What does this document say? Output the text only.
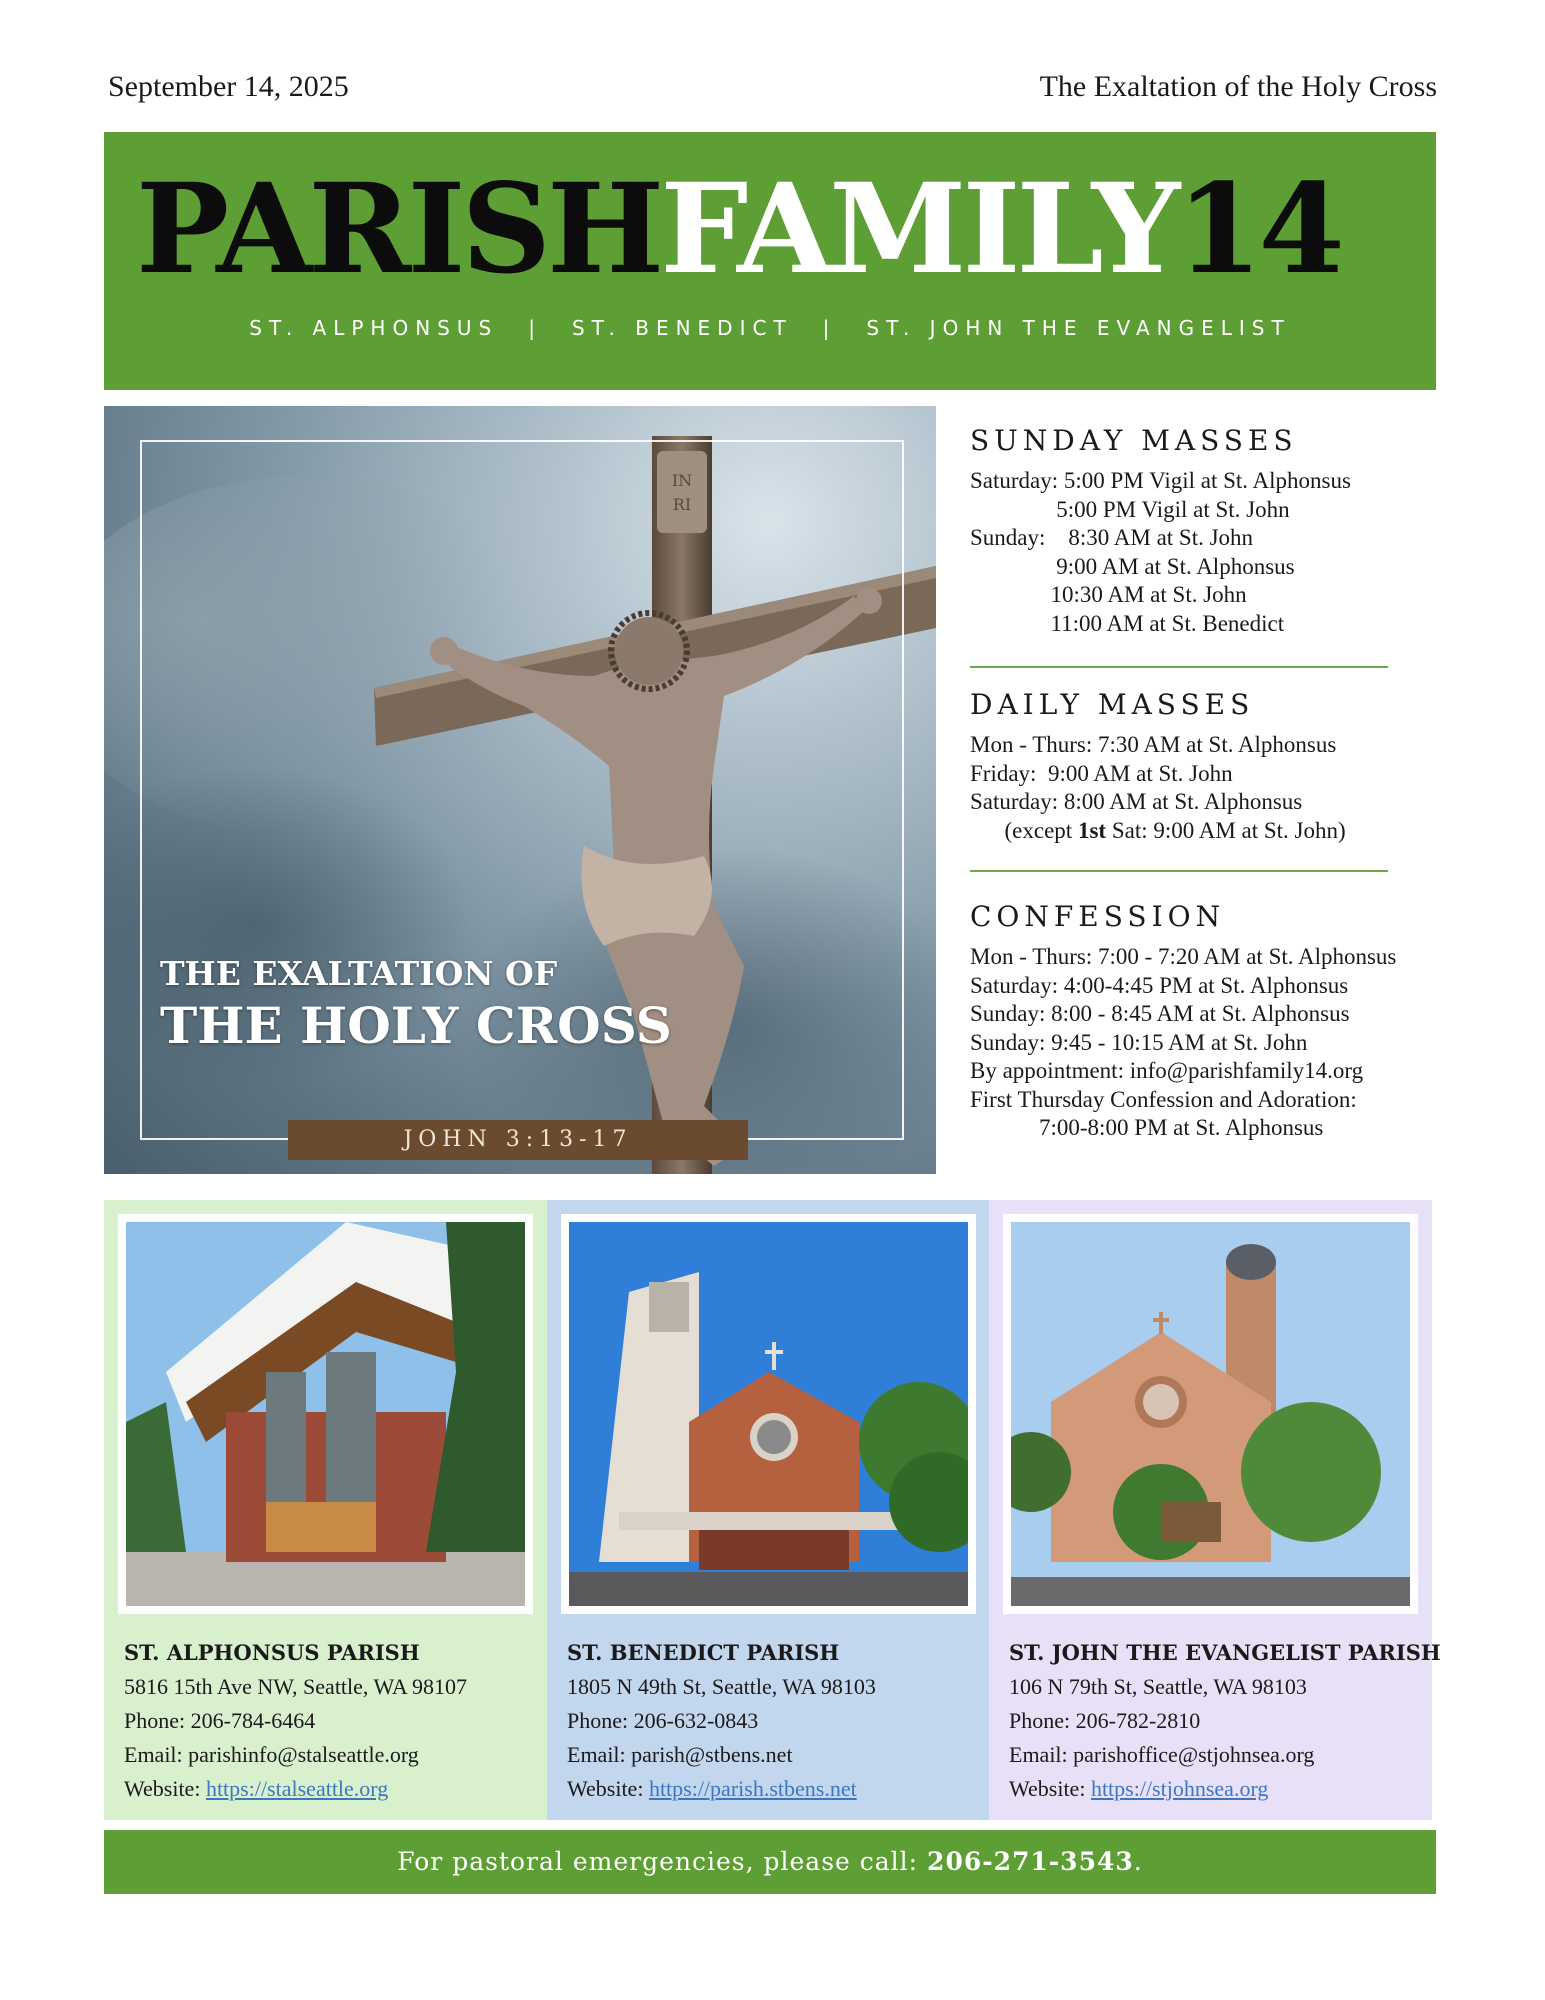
September 14, 2025	The Exaltation of the Holy Cross
PARISHFAMILY14
ST. ALPHONSUS | ST. BENEDICT | ST. JOHN THE EVANGELIST
IN
RI
THE EXALTATION OF
THE HOLY CROSS
JOHN 3:13-17
SUNDAY MASSES
Saturday: 5:00 PM Vigil at St. Alphonsus
5:00 PM Vigil at St. John
Sunday:    8:30 AM at St. John
9:00 AM at St. Alphonsus
10:30 AM at St. John
11:00 AM at St. Benedict
DAILY MASSES
Mon - Thurs: 7:30 AM at St. Alphonsus
Friday:  9:00 AM at St. John
Saturday: 8:00 AM at St. Alphonsus
(except 1st Sat: 9:00 AM at St. John)
CONFESSION
Mon - Thurs: 7:00 - 7:20 AM at St. Alphonsus
Saturday: 4:00-4:45 PM at St. Alphonsus
Sunday: 8:00 - 8:45 AM at St. Alphonsus
Sunday: 9:45 - 10:15 AM at St. John
By appointment: info@parishfamily14.org
First Thursday Confession and Adoration:
7:00-8:00 PM at St. Alphonsus
ST. ALPHONSUS PARISH
5816 15th Ave NW, Seattle, WA 98107
Phone: 206-784-6464
Email: parishinfo@stalseattle.org
Website: https://stalseattle.org
ST. BENEDICT PARISH
1805 N 49th St, Seattle, WA 98103
Phone: 206-632-0843
Email: parish@stbens.net
Website: https://parish.stbens.net
ST. JOHN THE EVANGELIST PARISH
106 N 79th St, Seattle, WA 98103
Phone: 206-782-2810
Email: parishoffice@stjohnsea.org
Website: https://stjohnsea.org
For pastoral emergencies, please call: 206-271-3543.
